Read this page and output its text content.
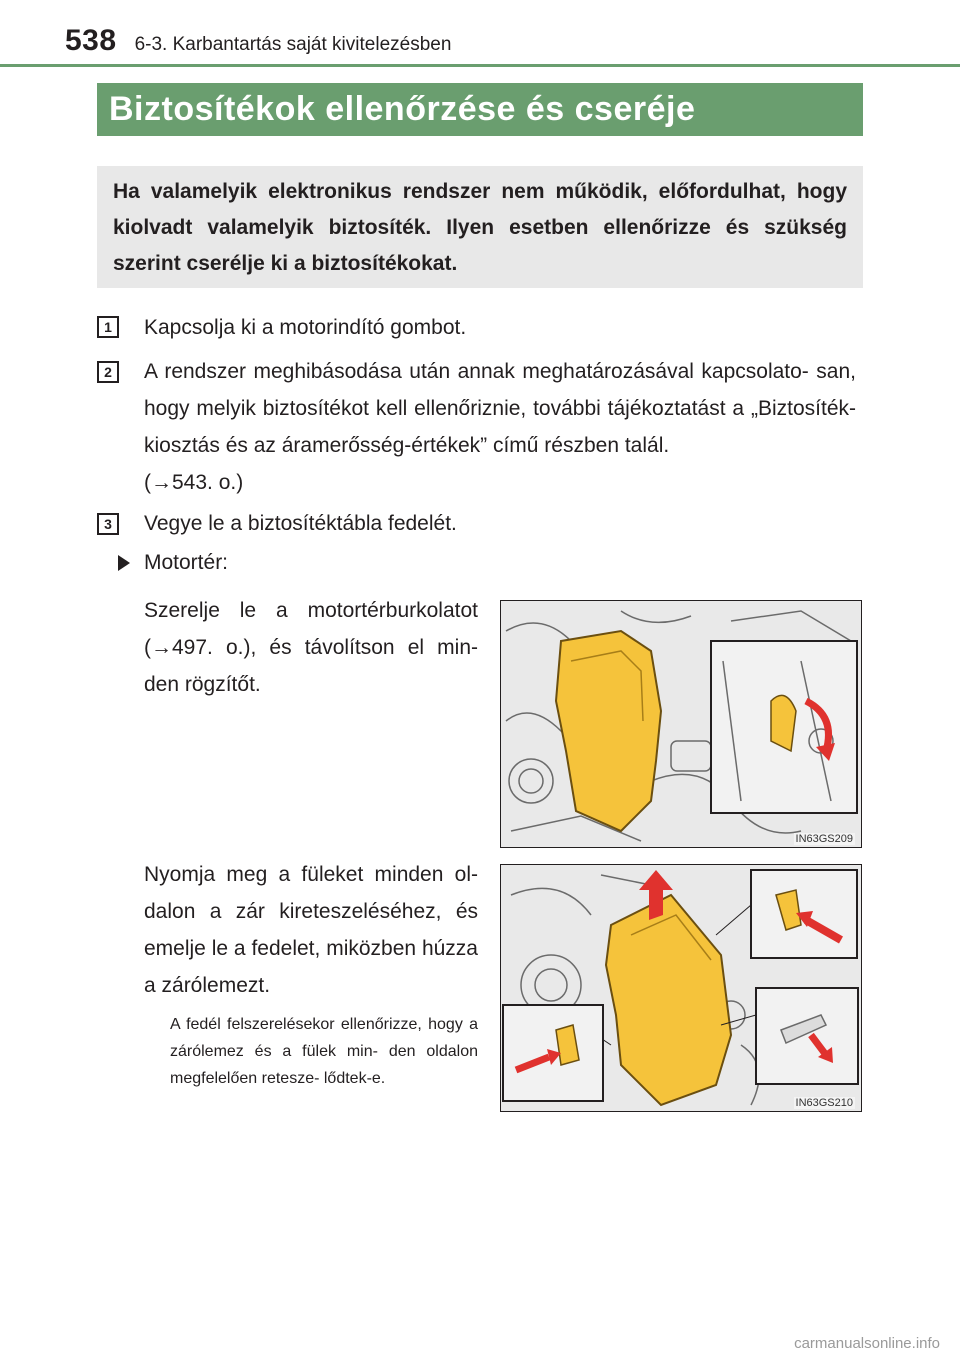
538 6-3. Karbantartás saját kivitelezésben
Biztosítékok ellenőrzése és cseréje

Ha valamelyik elektronikus rendszer nem működik, előfordulhat, hogy kiolvadt valamelyik biztosíték. Ilyen esetben ellenőrizze és szükség szerint cserélje ki a biztosítékokat.

1	Kapcsolja ki a motorindító gombot.

2	A rendszer meghibásodása után annak meghatározásával kapcsolato- san, hogy melyik biztosítékot kell ellenőriznie, további tájékoztatást a „Biztosíték-kiosztás és az áramerősség-értékek” című részben talál.
(→543. o.)

3	Vegye le a biztosítéktábla fedelét.

Motortér:

Szerelje le a motortérburkolatot (→497. o.), és távolítson el min- den rögzítőt.

IN63GS209

Nyomja meg a füleket minden ol- dalon a zár kireteszeléséhez, és emelje le a fedelet, miközben húzza a zárólemezt.

A fedél felszerelésekor ellenőrizze, hogy a zárólemez és a fülek min- den oldalon megfelelően retesze- lődtek-e.

IN63GS210
carmanualsonline.info
